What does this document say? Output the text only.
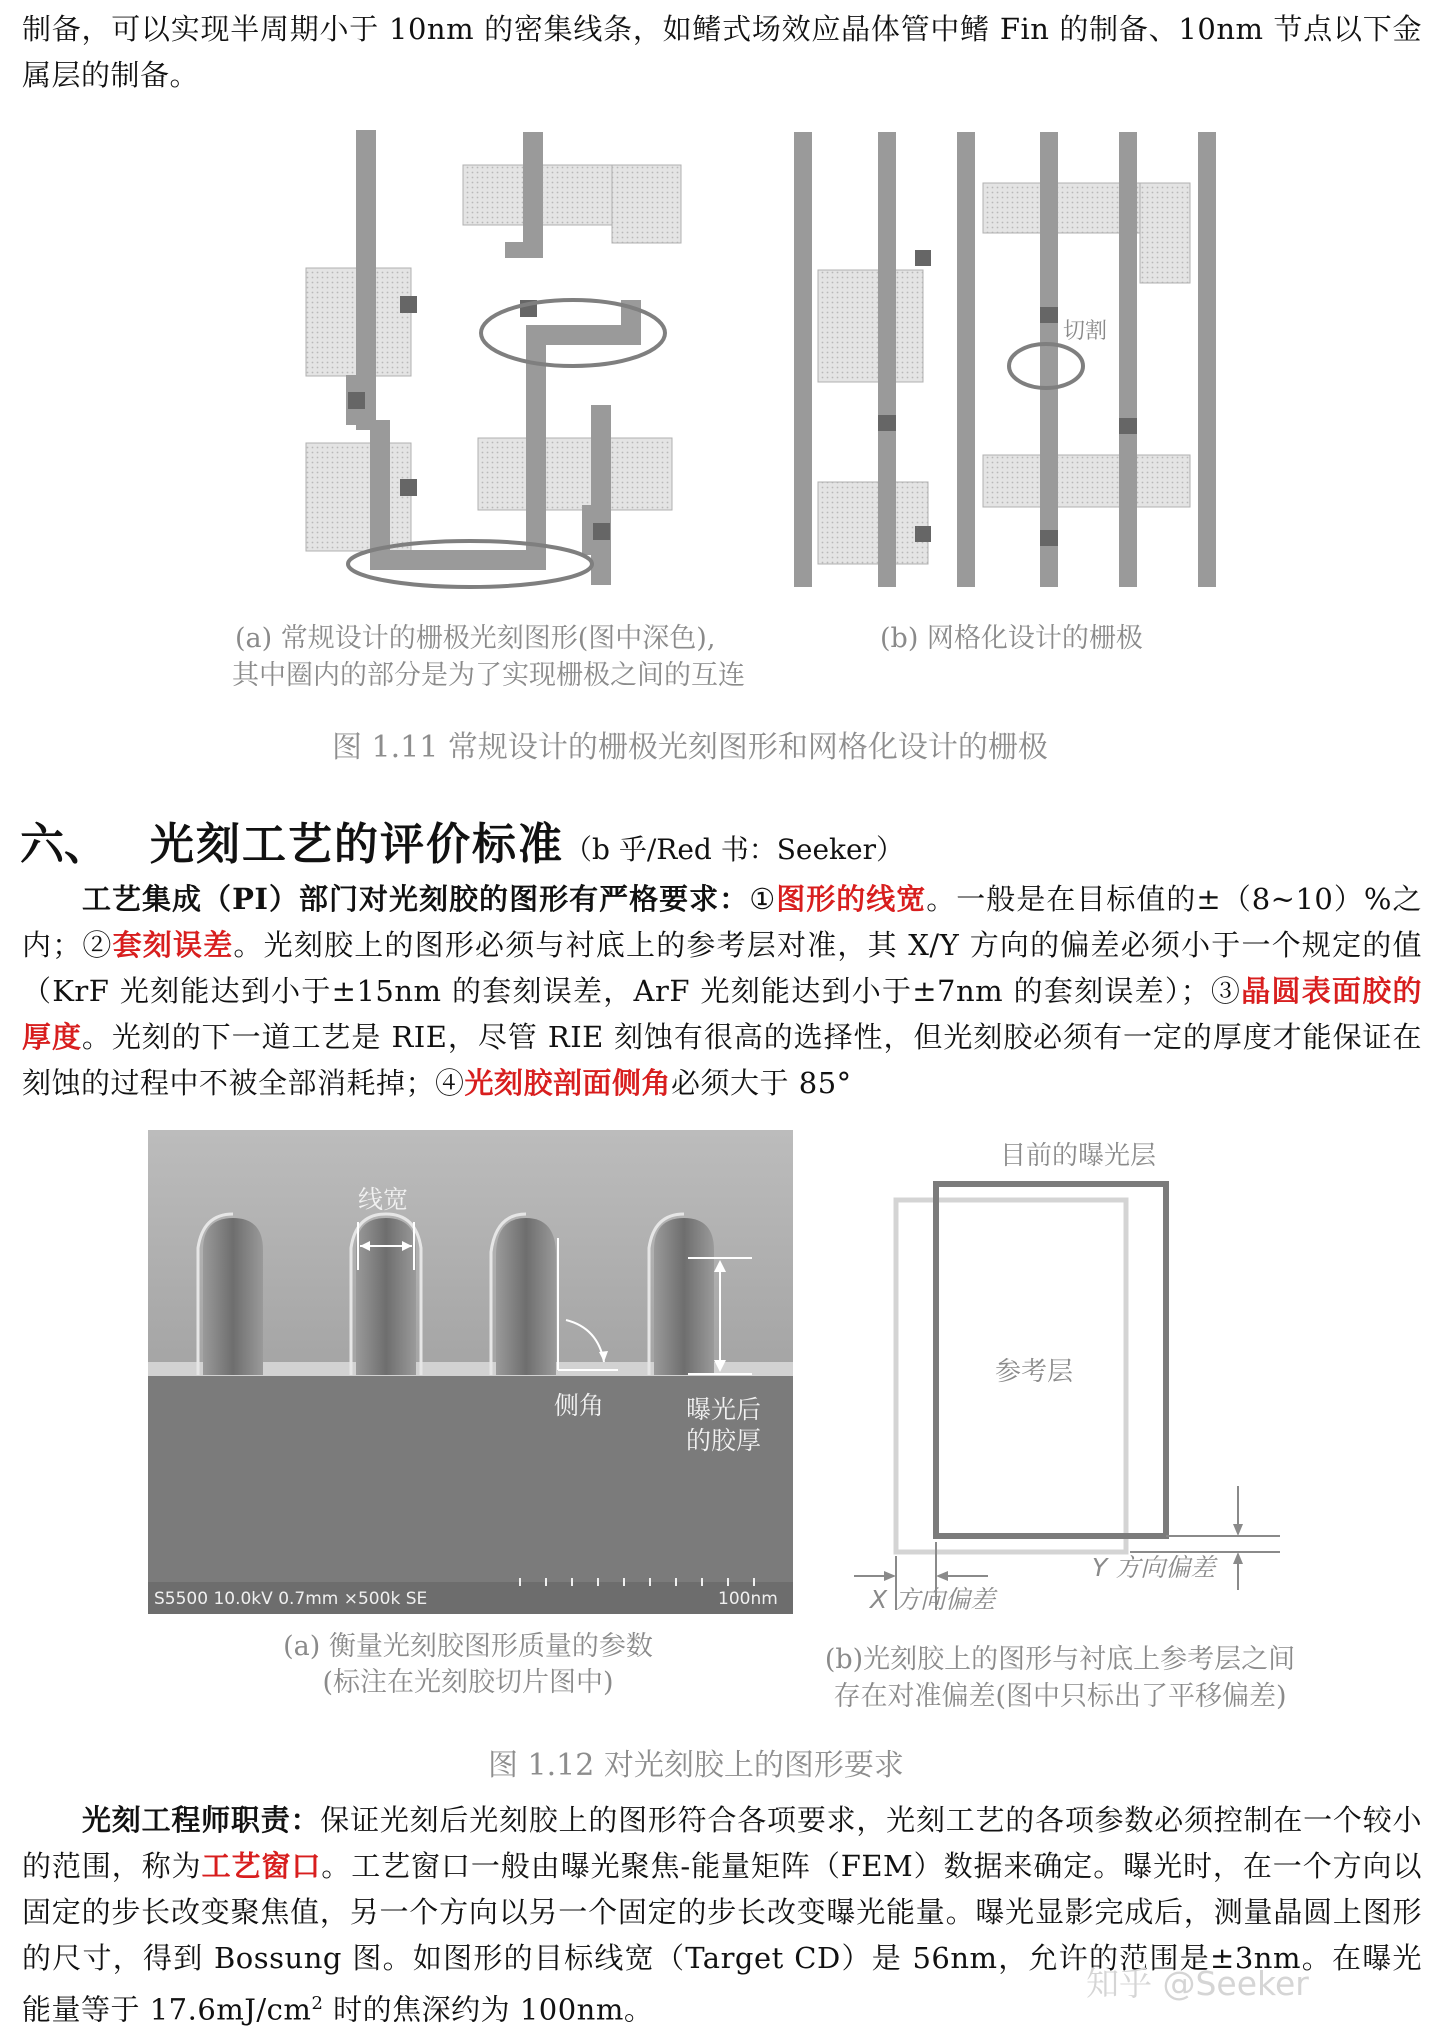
制备，可以实现半周期小于 10nm 的密集线条，如鳍式场效应晶体管中鳍 Fin 的制备、10nm 节点以下金属层的制备。

切割

(a) 常规设计的栅极光刻图形(图中深色),

其中圈内的部分是为了实现栅极之间的互连

(b) 网格化设计的栅极

图 1.11 常规设计的栅极光刻图形和网格化设计的栅极

六、 光刻工艺的评价标准（b 乎/Red 书：Seeker）

工艺集成（PI）部门对光刻胶的图形有严格要求：①图形的线宽。一般是在目标值的±（8~10）%之内；②套刻误差。光刻胶上的图形必须与衬底上的参考层对准，其 X/Y 方向的偏差必须小于一个规定的值（KrF 光刻能达到小于±15nm 的套刻误差，ArF 光刻能达到小于±7nm 的套刻误差）；③晶圆表面胶的厚度。光刻的下一道工艺是 RIE，尽管 RIE 刻蚀有很高的选择性，但光刻胶必须有一定的厚度才能保证在刻蚀的过程中不被全部消耗掉；④光刻胶剖面侧角必须大于 85°

线宽
侧角	曝光后
的胶厚
S5500 10.0kV 0.7mm ×500k SE	100nm
目前的曝光层
参考层
X 方向偏差
Y 方向偏差

(a) 衡量光刻胶图形质量的参数

(标注在光刻胶切片图中)

(b)光刻胶上的图形与衬底上参考层之间

存在对准偏差(图中只标出了平移偏差)

图 1.12 对光刻胶上的图形要求

光刻工程师职责：保证光刻后光刻胶上的图形符合各项要求，光刻工艺的各项参数必须控制在一个较小的范围，称为工艺窗口。工艺窗口一般由曝光聚焦-能量矩阵（FEM）数据来确定。曝光时，在一个方向以固定的步长改变聚焦值，另一个方向以另一个固定的步长改变曝光能量。曝光显影完成后，测量晶圆上图形的尺寸，得到 Bossung 图。如图形的目标线宽（Target CD）是 56nm，允许的范围是±3nm。在曝光能量等于 $17.6mJ/cm^2$ 时的焦深约为 100nm。

知乎 @Seeker
